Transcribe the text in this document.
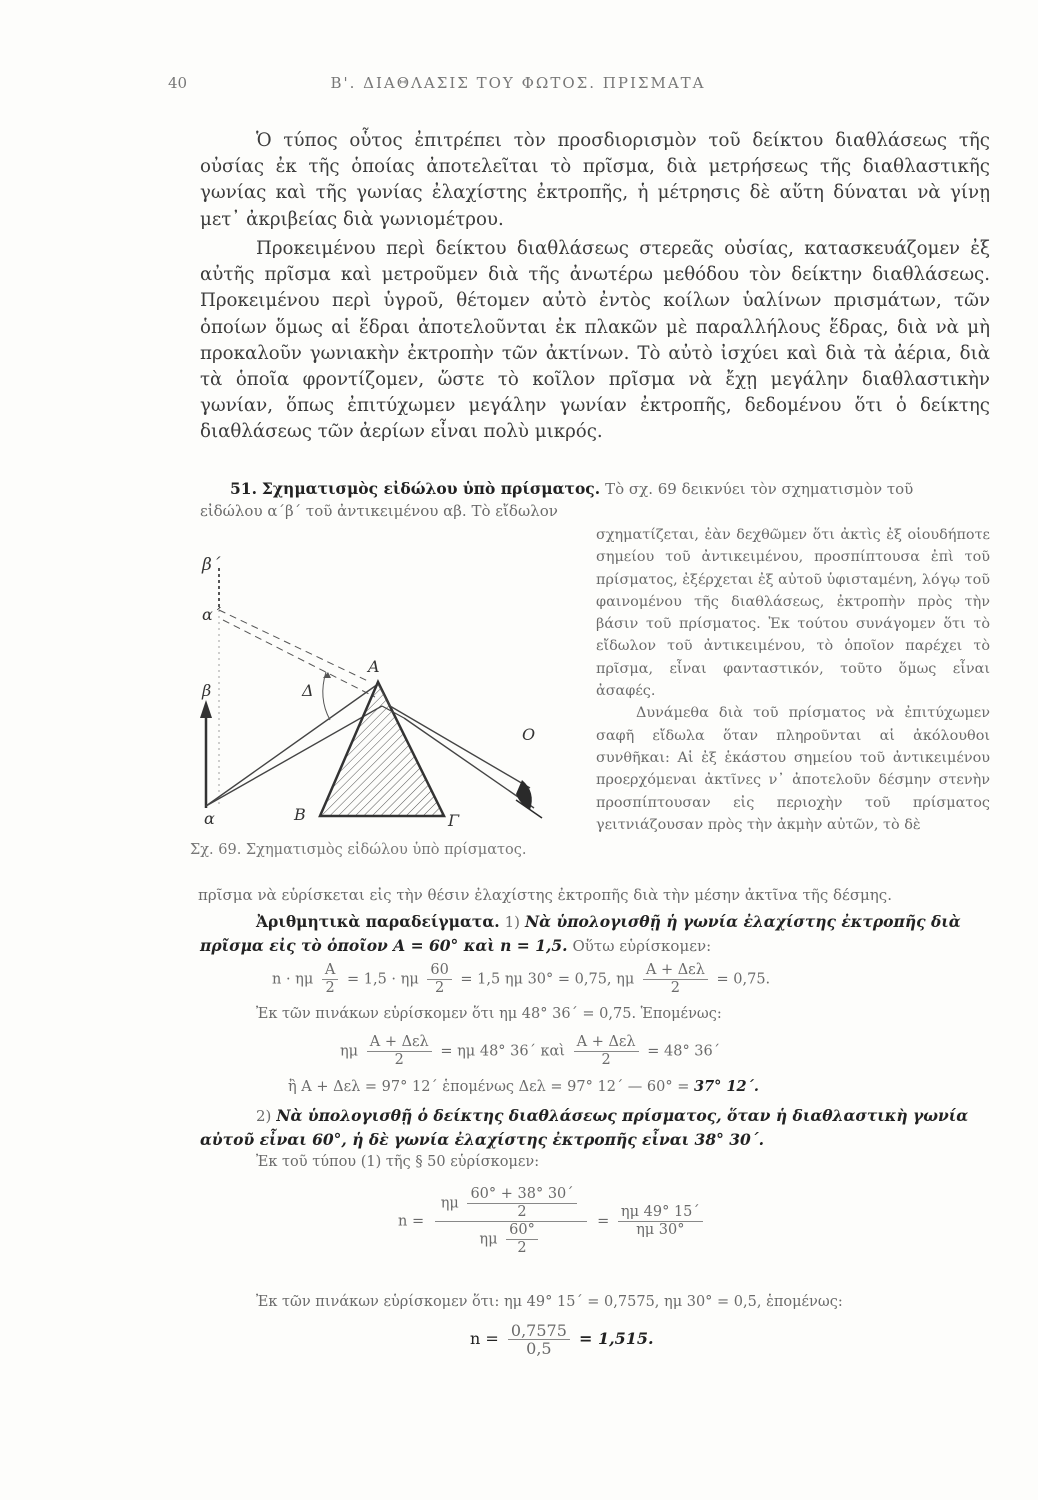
40	Β'. ΔΙΑΘΛΑΣΙΣ ΤΟΥ ΦΩΤΟΣ. ΠΡΙΣΜΑΤΑ

Ὁ τύπος οὗτος ἐπιτρέπει τὸν προσδιορισμὸν τοῦ δείκτου διαθλάσεως τῆς οὐσίας ἐκ τῆς ὁποίας ἀποτελεῖται τὸ πρῖσμα, διὰ μετρήσεως τῆς διαθλαστικῆς γωνίας καὶ τῆς γωνίας ἐλαχίστης ἐκτροπῆς, ἡ μέτρησις δὲ αὕτη δύναται νὰ γίνῃ μετ᾿ ἀκριβείας διὰ γωνιομέτρου.

Προκειμένου περὶ δείκτου διαθλάσεως στερεᾶς οὐσίας, κατασκευάζομεν ἐξ αὐτῆς πρῖσμα καὶ μετροῦμεν διὰ τῆς ἀνωτέρω μεθόδου τὸν δείκτην διαθλάσεως. Προκειμένου περὶ ὑγροῦ, θέτομεν αὐτὸ ἐντὸς κοίλων ὑαλίνων πρισμάτων, τῶν ὁποίων ὅμως αἱ ἕδραι ἀποτελοῦνται ἐκ πλακῶν μὲ παραλλήλους ἕδρας, διὰ νὰ μὴ προκαλοῦν γωνιακὴν ἐκτροπὴν τῶν ἀκτίνων. Τὸ αὐτὸ ἰσχύει καὶ διὰ τὰ ἀέρια, διὰ τὰ ὁποῖα φροντίζομεν, ὥστε τὸ κοῖλον πρῖσμα νὰ ἔχῃ μεγάλην διαθλαστικὴν γωνίαν, ὅπως ἐπιτύχωμεν μεγάλην γωνίαν ἐκτροπῆς, δεδομένου ὅτι ὁ δείκτης διαθλάσεως τῶν ἀερίων εἶναι πολὺ μικρός.

51. Σχηματισμὸς εἰδώλου ὑπὸ πρίσματος. Τὸ σχ. 69 δεικνύει τὸν σχηματισμὸν τοῦ

εἰδώλου α΄β΄ τοῦ ἀντικειμένου αβ. Τὸ εἴδωλον

β΄
α΄
β
α
Α
Δ
Β	Γ
Ο
Σχ. 69. Σχηματισμὸς εἰδώλου ὑπὸ πρίσματος.

σχηματίζεται, ἐὰν δεχθῶμεν ὅτι ἀκτὶς ἐξ οἱουδήποτε σημείου τοῦ ἀντικειμένου, προσπίπτουσα ἐπὶ τοῦ πρίσματος, ἐξέρχεται ἐξ αὐτοῦ ὑφισταμένη, λόγῳ τοῦ φαινομένου τῆς διαθλάσεως, ἐκτροπὴν πρὸς τὴν βάσιν τοῦ πρίσματος. Ἐκ τούτου συνάγομεν ὅτι τὸ εἴδωλον τοῦ ἀντικειμένου, τὸ ὁποῖον παρέχει τὸ πρῖσμα, εἶναι φανταστικόν, τοῦτο ὅμως εἶναι ἀσαφές.

Δυνάμεθα διὰ τοῦ πρίσματος νὰ ἐπιτύχωμεν σαφῆ εἴδωλα ὅταν πληροῦνται αἱ ἀκόλουθοι συνθῆκαι: Αἱ ἐξ ἑκάστου σημείου τοῦ ἀντικειμένου προερχόμεναι ἀκτῖνες ν᾿ ἀποτελοῦν δέσμην στενὴν προσπίπτουσαν εἰς περιοχὴν τοῦ πρίσματος γειτνιάζουσαν πρὸς τὴν ἀκμὴν αὐτῶν, τὸ δὲ

πρῖσμα νὰ εὑρίσκεται εἰς τὴν θέσιν ἐλαχίστης ἐκτροπῆς διὰ τὴν μέσην ἀκτῖνα τῆς δέσμης.

Ἀριθμητικὰ παραδείγματα. 1) Νὰ ὑπολογισθῇ ἡ γωνία ἐλαχίστης ἐκτροπῆς διὰ πρῖσμα εἰς τὸ ὁποῖον Α = 60° καὶ n = 1,5. Οὕτω εὑρίσκομεν:

n · ημ $\frac{A}{2} = 1,5 \cdot \eta\mu \frac{60}{2} = 1,5$ ημ 30° = 0,75, ημ $\frac{\text{Α + Δελ}}{2} = 0,75$.
Ἐκ τῶν πινάκων εὑρίσκομεν ὅτι ημ 48° 36΄ = 0,75. Ἑπομένως:
ημ $\frac{\text{Α + Δελ}}{2} = \eta\mu$ 48° 36΄ καὶ $\frac{\text{Α + Δελ}}{2} = 48^\circ$ 36΄
ἢ Α + Δελ = 97° 12΄ ἑπομένως Δελ = 97° 12΄ — 60° = 37° 12΄.

2) Νὰ ὑπολογισθῇ ὁ δείκτης διαθλάσεως πρίσματος, ὅταν ἡ διαθλαστικὴ γωνία αὐτοῦ εἶναι 60°, ἡ δὲ γωνία ἐλαχίστης ἐκτροπῆς εἶναι 38° 30΄.

Ἐκ τοῦ τύπου (1) τῆς § 50 εὑρίσκομεν:
$n = \frac{\eta\mu \frac{60^\circ + 38^\circ 30΄}{2}}{\eta\mu \frac{60^\circ}{2}} = \frac{\eta\mu 49^\circ 15΄}{\eta\mu 30^\circ}$
Ἐκ τῶν πινάκων εὑρίσκομεν ὅτι: ημ 49° 15΄ = 0,7575, ημ 30° = 0,5, ἑπομένως:
$n = \frac{0,7575}{0,5} = 1,515$.
